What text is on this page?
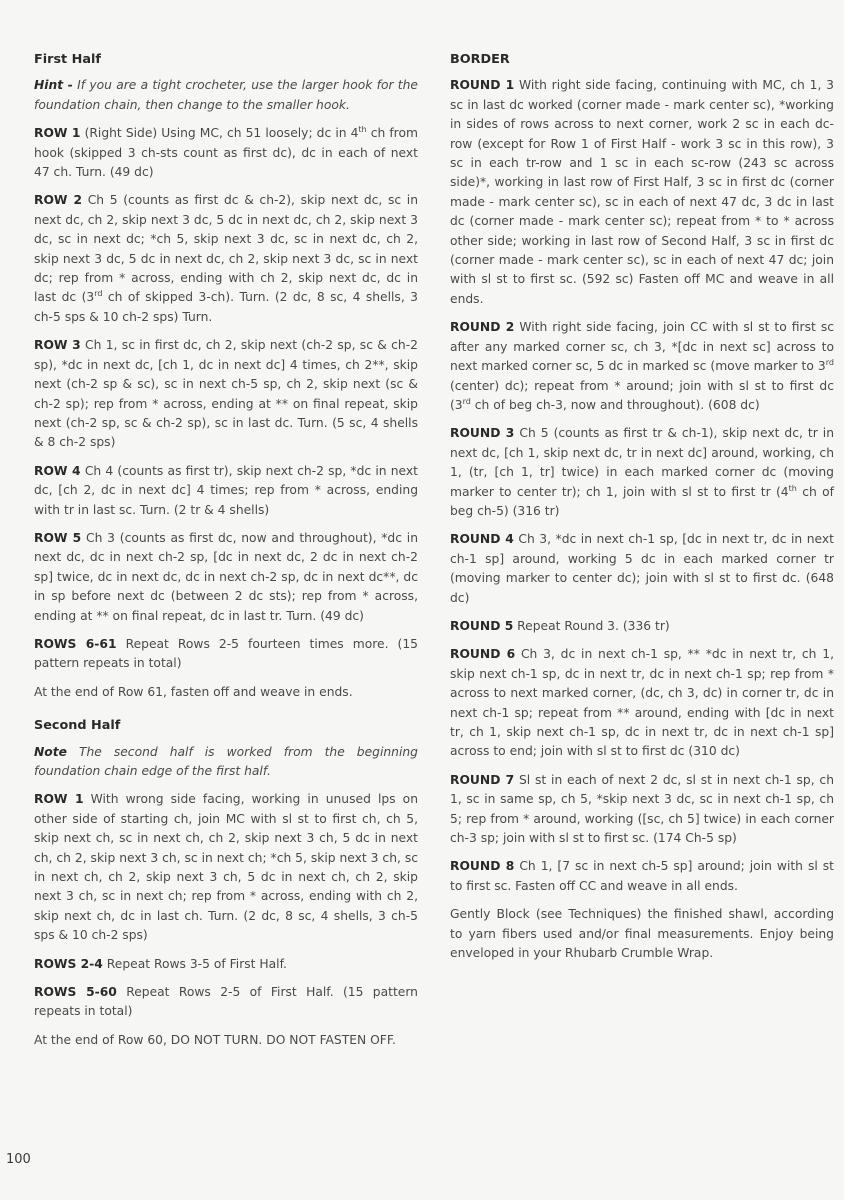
First Half

Hint - If you are a tight crocheter, use the larger hook for the foundation chain, then change to the smaller hook.

ROW 1 (Right Side) Using MC, ch 51 loosely; dc in 4th ch from hook (skipped 3 ch-sts count as first dc), dc in each of next 47 ch. Turn. (49 dc)

ROW 2 Ch 5 (counts as first dc & ch-2), skip next dc, sc in next dc, ch 2, skip next 3 dc, 5 dc in next dc, ch 2, skip next 3 dc, sc in next dc; *ch 5, skip next 3 dc, sc in next dc, ch 2, skip next 3 dc, 5 dc in next dc, ch 2, skip next 3 dc, sc in next dc; rep from * across, ending with ch 2, skip next dc, dc in last dc (3rd ch of skipped 3-ch). Turn. (2 dc, 8 sc, 4 shells, 3 ch-5 sps & 10 ch-2 sps) Turn.

ROW 3 Ch 1, sc in first dc, ch 2, skip next (ch-2 sp, sc & ch-2 sp), *dc in next dc, [ch 1, dc in next dc] 4 times, ch 2**, skip next (ch-2 sp & sc), sc in next ch-5 sp, ch 2, skip next (sc & ch-2 sp); rep from * across, ending at ** on final repeat, skip next (ch-2 sp, sc & ch-2 sp), sc in last dc. Turn. (5 sc, 4 shells & 8 ch-2 sps)

ROW 4 Ch 4 (counts as first tr), skip next ch-2 sp, *dc in next dc, [ch 2, dc in next dc] 4 times; rep from * across, ending with tr in last sc. Turn. (2 tr & 4 shells)

ROW 5 Ch 3 (counts as first dc, now and throughout), *dc in next dc, dc in next ch-2 sp, [dc in next dc, 2 dc in next ch-2 sp] twice, dc in next dc, dc in next ch-2 sp, dc in next dc**, dc in sp before next dc (between 2 dc sts); rep from * across, ending at ** on final repeat, dc in last tr. Turn. (49 dc)

ROWS 6-61 Repeat Rows 2-5 fourteen times more. (15 pattern repeats in total)

At the end of Row 61, fasten off and weave in ends.

Second Half

Note The second half is worked from the beginning foundation chain edge of the first half.

ROW 1 With wrong side facing, working in unused lps on other side of starting ch, join MC with sl st to first ch, ch 5, skip next ch, sc in next ch, ch 2, skip next 3 ch, 5 dc in next ch, ch 2, skip next 3 ch, sc in next ch; *ch 5, skip next 3 ch, sc in next ch, ch 2, skip next 3 ch, 5 dc in next ch, ch 2, skip next 3 ch, sc in next ch; rep from * across, ending with ch 2, skip next ch, dc in last ch. Turn. (2 dc, 8 sc, 4 shells, 3 ch-5 sps & 10 ch-2 sps)

ROWS 2-4 Repeat Rows 3-5 of First Half.

ROWS 5-60 Repeat Rows 2-5 of First Half. (15 pattern repeats in total)

At the end of Row 60, DO NOT TURN. DO NOT FASTEN OFF.

BORDER

ROUND 1 With right side facing, continuing with MC, ch 1, 3 sc in last dc worked (corner made - mark center sc), *working in sides of rows across to next corner, work 2 sc in each dc-row (except for Row 1 of First Half - work 3 sc in this row), 3 sc in each tr-row and 1 sc in each sc-row (243 sc across side)*, working in last row of First Half, 3 sc in first dc (corner made - mark center sc), sc in each of next 47 dc, 3 dc in last dc (corner made - mark center sc); repeat from * to * across other side; working in last row of Second Half, 3 sc in first dc (corner made - mark center sc), sc in each of next 47 dc; join with sl st to first sc. (592 sc) Fasten off MC and weave in all ends.

ROUND 2 With right side facing, join CC with sl st to first sc after any marked corner sc, ch 3, *[dc in next sc] across to next marked corner sc, 5 dc in marked sc (move marker to 3rd (center) dc); repeat from * around; join with sl st to first dc (3rd ch of beg ch-3, now and throughout). (608 dc)

ROUND 3 Ch 5 (counts as first tr & ch-1), skip next dc, tr in next dc, [ch 1, skip next dc, tr in next dc] around, working, ch 1, (tr, [ch 1, tr] twice) in each marked corner dc (moving marker to center tr); ch 1, join with sl st to first tr (4th ch of beg ch-5) (316 tr)

ROUND 4 Ch 3, *dc in next ch-1 sp, [dc in next tr, dc in next ch-1 sp] around, working 5 dc in each marked corner tr (moving marker to center dc); join with sl st to first dc. (648 dc)

ROUND 5 Repeat Round 3. (336 tr)

ROUND 6 Ch 3, dc in next ch-1 sp, ** *dc in next tr, ch 1, skip next ch-1 sp, dc in next tr, dc in next ch-1 sp; rep from * across to next marked corner, (dc, ch 3, dc) in corner tr, dc in next ch-1 sp; repeat from ** around, ending with [dc in next tr, ch 1, skip next ch-1 sp, dc in next tr, dc in next ch-1 sp] across to end; join with sl st to first dc (310 dc)

ROUND 7 Sl st in each of next 2 dc, sl st in next ch-1 sp, ch 1, sc in same sp, ch 5, *skip next 3 dc, sc in next ch-1 sp, ch 5; rep from * around, working ([sc, ch 5] twice) in each corner ch-3 sp; join with sl st to first sc. (174 Ch-5 sp)

ROUND 8 Ch 1, [7 sc in next ch-5 sp] around; join with sl st to first sc. Fasten off CC and weave in all ends.

Gently Block (see Techniques) the finished shawl, according to yarn fibers used and/or final measurements. Enjoy being enveloped in your Rhubarb Crumble Wrap.

100
